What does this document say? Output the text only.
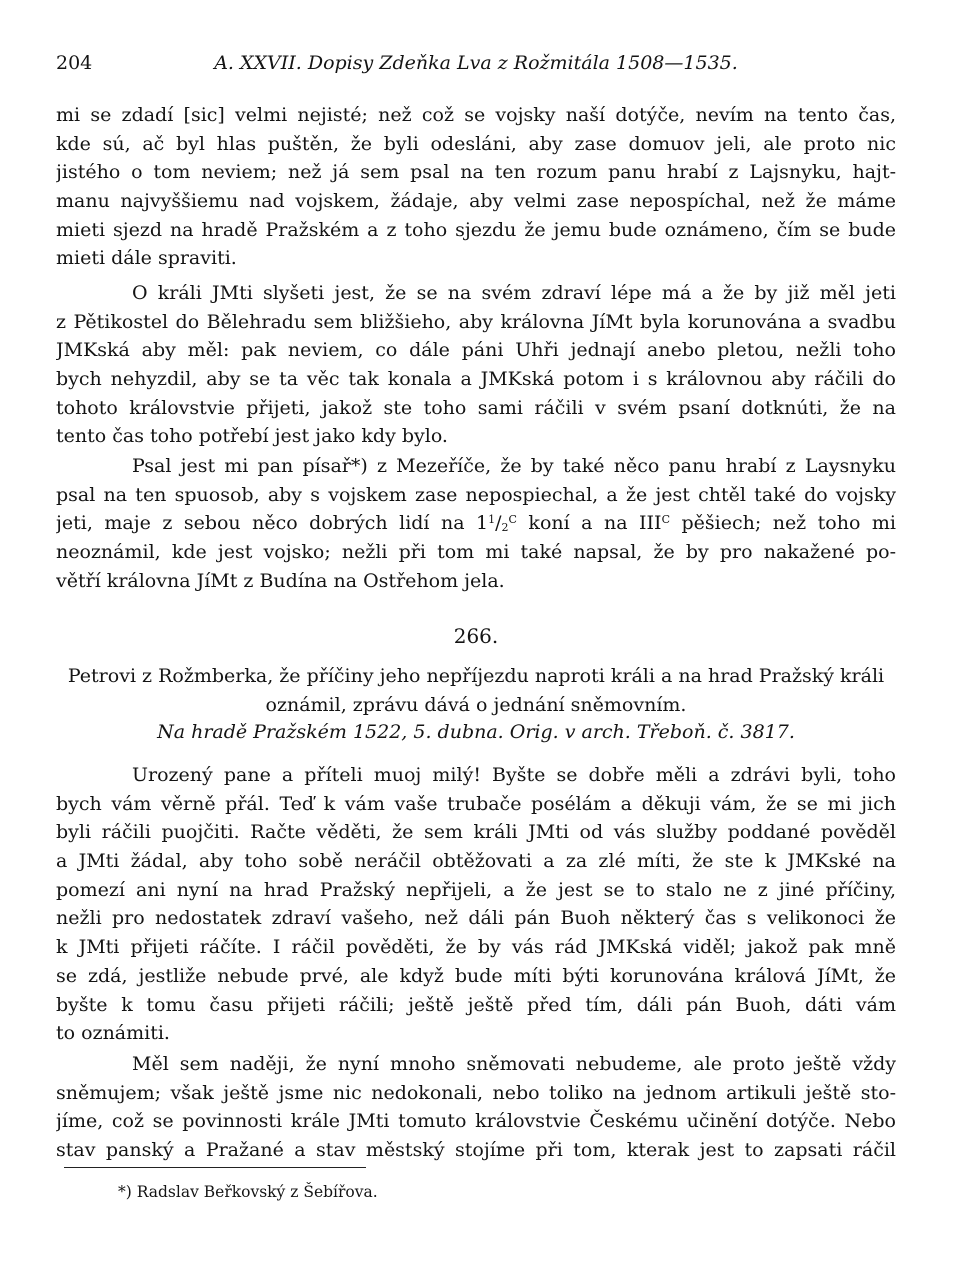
204	A. XXVII. Dopisy Zdeňka Lva z Rožmitála 1508—1535.
mi se zdadí [sic] velmi nejisté; než což se vojsky naší dotýče, nevím na tento čas,
kde sú, ač byl hlas puštěn, že byli odesláni, aby zase domuov jeli, ale proto nic
jistého o tom neviem; než já sem psal na ten rozum panu hrabí z Lajsnyku, hajt-
manu najvyššiemu nad vojskem, žádaje, aby velmi zase nepospíchal, než že máme
mieti sjezd na hradě Pražském a z toho sjezdu že jemu bude oznámeno, čím se bude
mieti dále spraviti.
O králi JMti slyšeti jest, že se na svém zdraví lépe má a že by již měl jeti
z Pětikostel do Bělehradu sem bližšieho, aby královna JíMt byla korunována a svadbu
JMKská aby měl: pak neviem, co dále páni Uhři jednají anebo pletou, nežli toho
bych nehyzdil, aby se ta věc tak konala a JMKská potom i s královnou aby ráčili do
tohoto královstvie přijeti, jakož ste toho sami ráčili v svém psaní dotknúti, že na
tento čas toho potřebí jest jako kdy bylo.
Psal jest mi pan písař*) z Mezeříče, že by také něco panu hrabí z Laysnyku
psal na ten spuosob, aby s vojskem zase nepospiechal, a že jest chtěl také do vojsky
jeti, maje z sebou něco dobrých lidí na $1^1/_2^C$ koní a na $III^C$ pěšiech; než toho mi
neoznámil, kde jest vojsko; nežli při tom mi také napsal, že by pro nakažené po-
větří královna JíMt z Budína na Ostřehom jela.
266.
Petrovi z Rožmberka, že příčiny jeho nepříjezdu naproti králi a na hrad Pražský králi
oznámil, zprávu dává o jednání sněmovním.
Na hradě Pražském 1522, 5. dubna. Orig. v arch. Třeboň. č. 3817.
Urozený pane a příteli muoj milý! Byšte se dobře měli a zdrávi byli, toho
bych vám věrně přál. Teď k vám vaše trubače posélám a děkuji vám, že se mi jich
byli ráčili puojčiti. Račte věděti, že sem králi JMti od vás služby poddané pověděl
a JMti žádal, aby toho sobě neráčil obtěžovati a za zlé míti, že ste k JMKské na
pomezí ani nyní na hrad Pražský nepřijeli, a že jest se to stalo ne z jiné příčiny,
nežli pro nedostatek zdraví vašeho, než dáli pán Buoh některý čas s velikonoci že
k JMti přijeti ráčíte. I ráčil pověděti, že by vás rád JMKská viděl; jakož pak mně
se zdá, jestliže nebude prvé, ale když bude míti býti korunována králová JíMt, že
byšte k tomu času přijeti ráčili; ještě ještě před tím, dáli pán Buoh, dáti vám
to oznámiti.
Měl sem naději, že nyní mnoho sněmovati nebudeme, ale proto ještě vždy
sněmujem; však ještě jsme nic nedokonali, nebo toliko na jednom artikuli ještě sto-
jíme, což se povinnosti krále JMti tomuto královstvie Českému učinění dotýče. Nebo
stav panský a Pražané a stav městský stojíme při tom, kterak jest to zapsati ráčil
*) Radslav Beřkovský z Šebířova.
